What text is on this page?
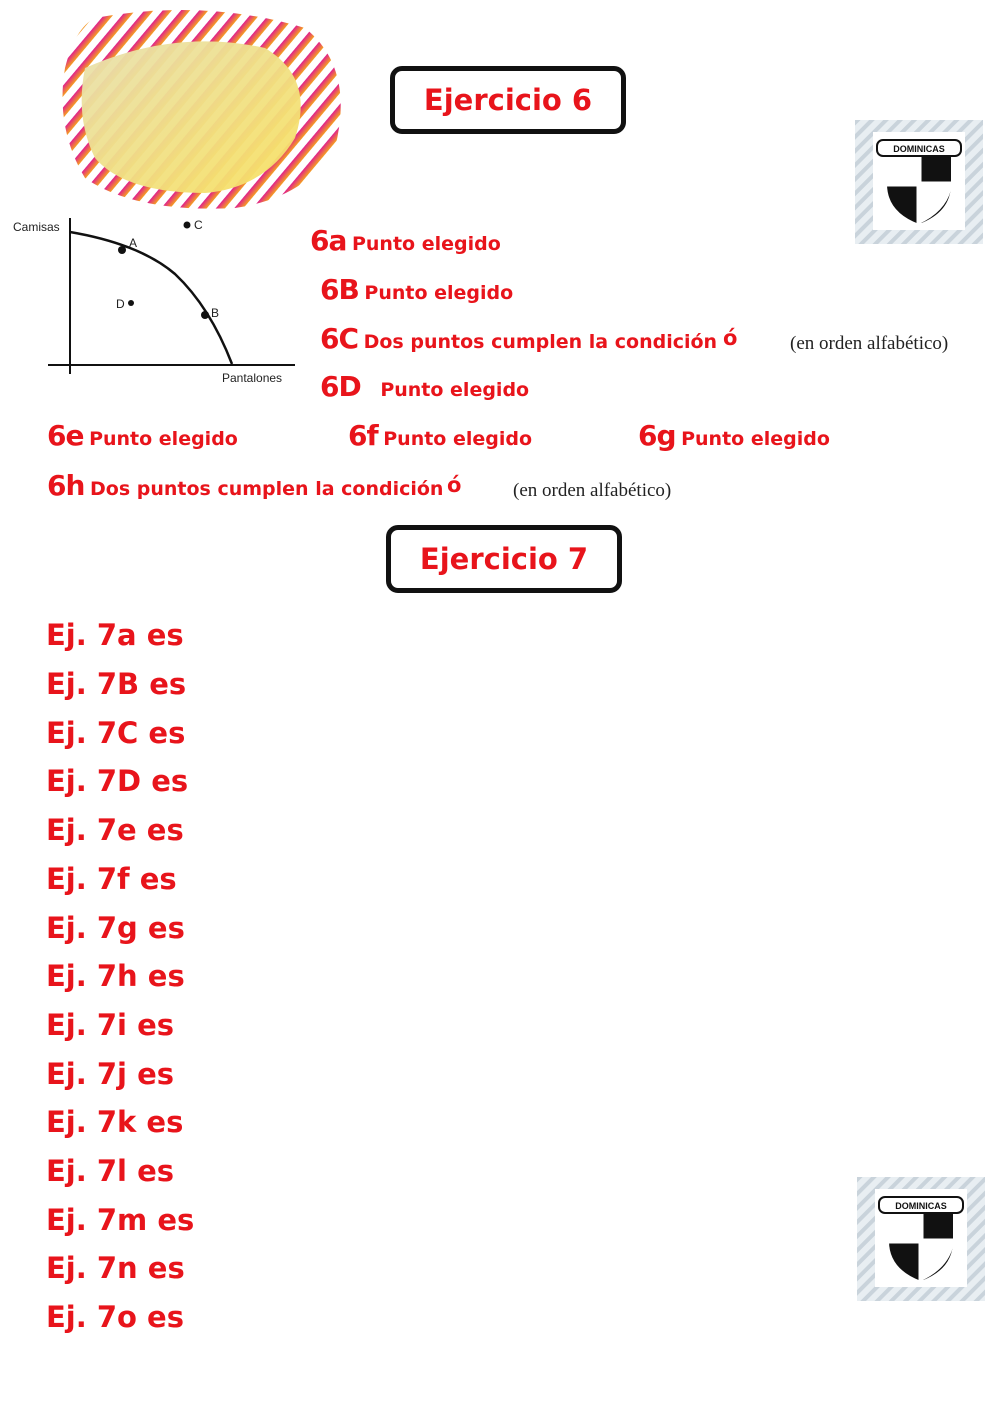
Ejercicio 6
DOMINICAS
Camisas
Pantalones
A
B
C
D
6a Punto elegido
6B Punto elegido
6C Dos puntos cumplen la condición ó	(en orden alfabético)
6D Punto elegido
6e Punto elegido	6f Punto elegido	6g Punto elegido
6h Dos puntos cumplen la condición ó	(en orden alfabético)
Ejercicio 7
Ej. 7a es
Ej. 7B es
Ej. 7C es
Ej. 7D es
Ej. 7e es
Ej. 7f es
Ej. 7g es
Ej. 7h es
Ej. 7i es
Ej. 7j es
Ej. 7k es
Ej. 7l es
Ej. 7m es
Ej. 7n es
Ej. 7o es
DOMINICAS
